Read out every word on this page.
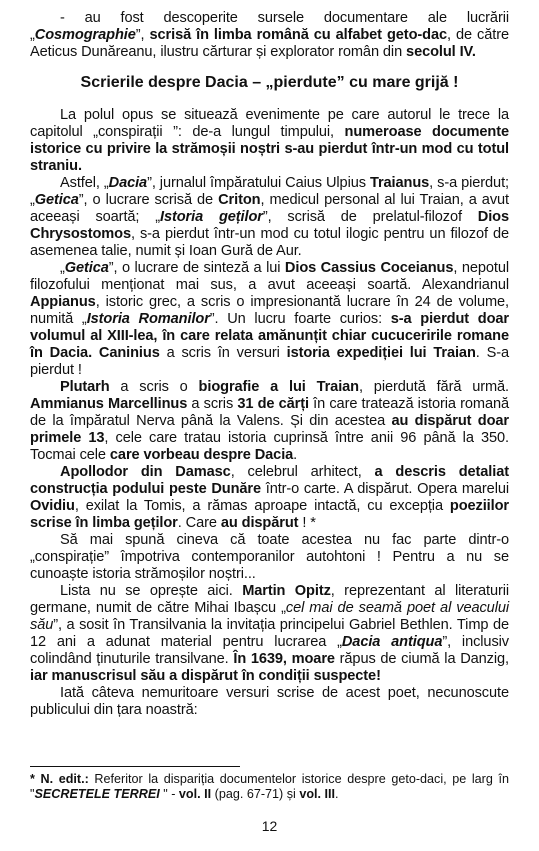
- au fost descoperite sursele documentare ale lucrării „Cosmographie”, scrisă în limba română cu alfabet geto-dac, de către Aeticus Dunăreanu, ilustru cărturar și explorator român din secolul IV.

Scrierile despre Dacia – „pierdute” cu mare grijă !

La polul opus se situează evenimente pe care autorul le trece la capitolul „conspirații ”: de-a lungul timpului, numeroase documente istorice cu privire la strămoșii noștri s-au pierdut într-un mod cu totul straniu.

Astfel, „Dacia”, jurnalul împăratului Caius Ulpius Traianus, s-a pierdut; „Getica”, o lucrare scrisă de Criton, medicul personal al lui Traian, a avut aceeași soartă; „Istoria geților”, scrisă de prelatul-filozof Dios Chrysostomos, s-a pierdut într-un mod cu totul ilogic pentru un filozof de asemenea talie, numit și Ioan Gură de Aur.

„Getica”, o lucrare de sinteză a lui Dios Cassius Coceianus, nepotul filozofului menționat mai sus, a avut aceeași soartă. Alexandrianul Appianus, istoric grec, a scris o impresionantă lucrare în 24 de volume, numită „Istoria Romanilor”. Un lucru foarte curios: s-a pierdut doar volumul al XIII-lea, în care relata amănunțit chiar cucuceririle romane în Dacia. Caninius a scris în versuri istoria expediției lui Traian. S-a pierdut !

Plutarh a scris o biografie a lui Traian, pierdută fără urmă. Ammianus Marcellinus a scris 31 de cărți în care tratează istoria romană de la împăratul Nerva până la Valens. Și din acestea au dispărut doar primele 13, cele care tratau istoria cuprinsă între anii 96 până la 350. Tocmai cele care vorbeau despre Dacia.

Apollodor din Damasc, celebrul arhitect, a descris detaliat construcția podului peste Dunăre într-o carte. A dispărut. Opera marelui Ovidiu, exilat la Tomis, a rămas aproape intactă, cu excepția poeziilor scrise în limba geților. Care au dispărut ! *

Să mai spună cineva că toate acestea nu fac parte dintr-o „conspirație” împotriva contemporanilor autohtoni ! Pentru a nu se cunoaște istoria strămoșilor noștri...

Lista nu se oprește aici. Martin Opitz, reprezentant al literaturii germane, numit de către Mihai Ibașcu „cel mai de seamă poet al veacului său”, a sosit în Transilvania la invitația principelui Gabriel Bethlen. Timp de 12 ani a adunat material pentru lucrarea „Dacia antiqua”, inclusiv colindând ținuturile transilvane. În 1639, moare răpus de ciumă la Danzig, iar manuscrisul său a dispărut în condiții suspecte!

Iată câteva nemuritoare versuri scrise de acest poet, necunoscute publicului din țara noastră:

* N. edit.: Referitor la dispariția documentelor istorice despre geto-daci, pe larg în "SECRETELE TERREI " - vol. II (pag. 67-71) și vol. III.

12
